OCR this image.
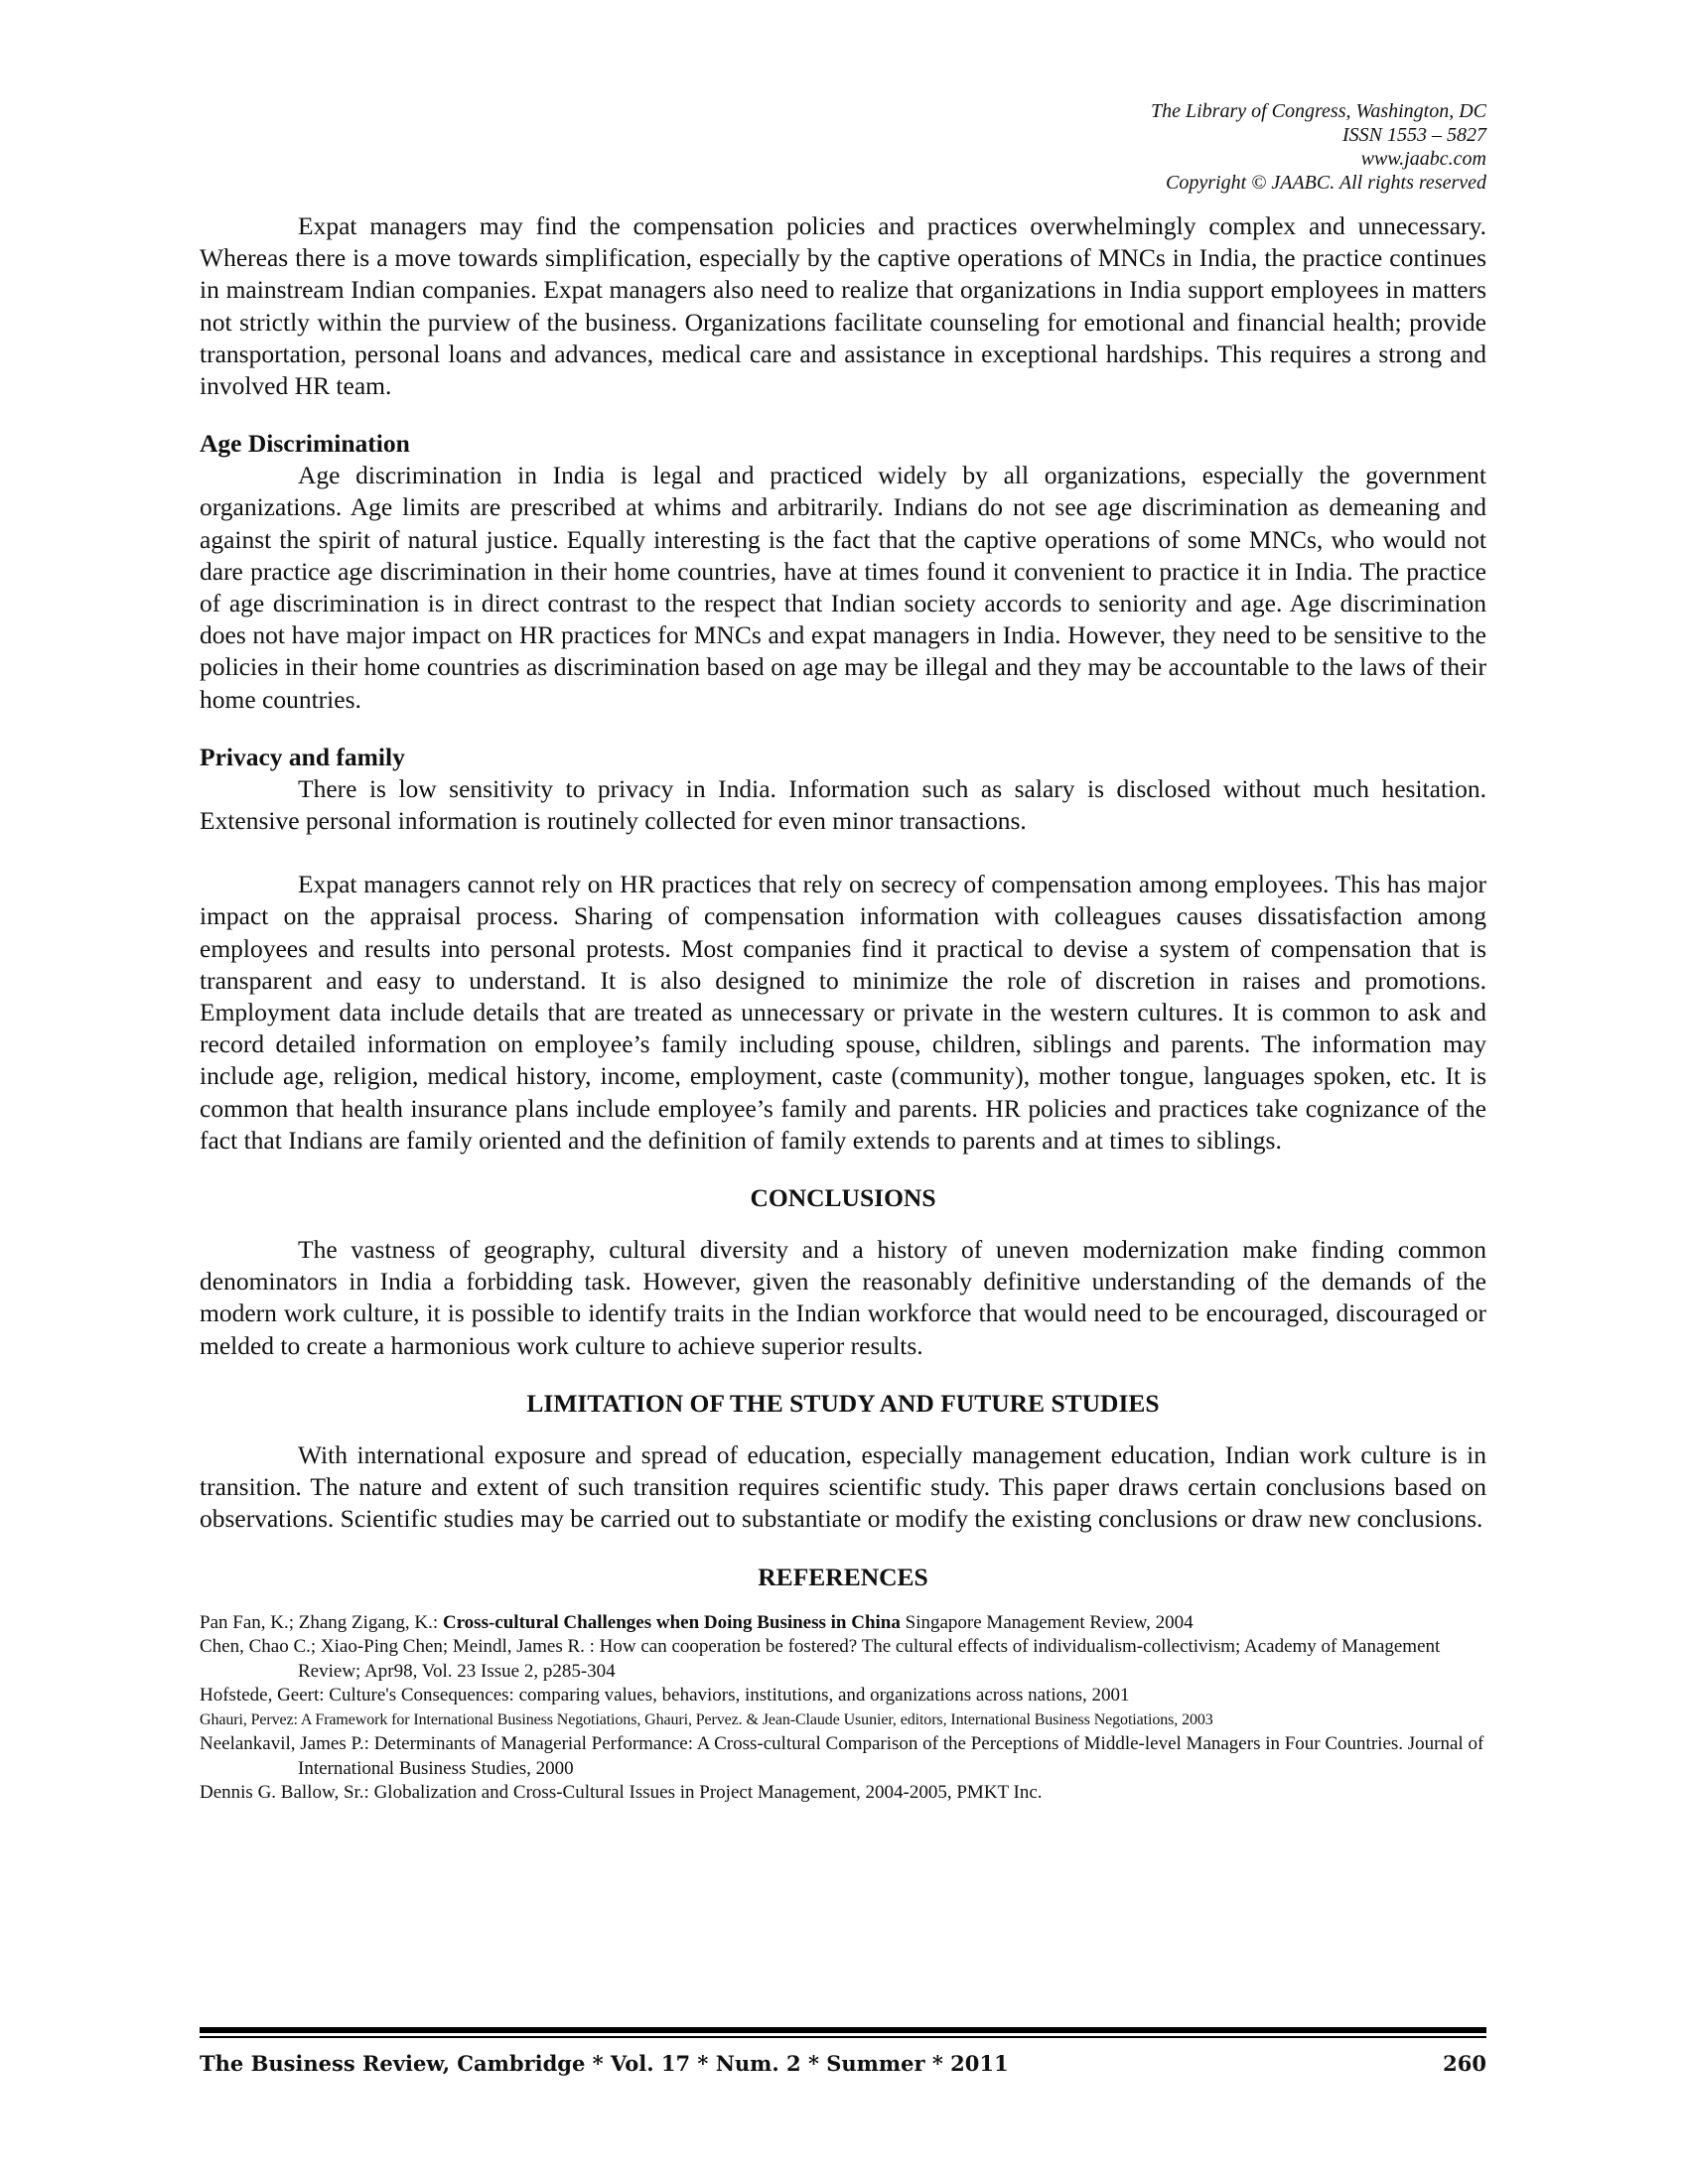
The Library of Congress, Washington, DC
ISSN 1553 – 5827
www.jaabc.com
Copyright © JAABC. All rights reserved

Expat managers may find the compensation policies and practices overwhelmingly complex and unnecessary. Whereas there is a move towards simplification, especially by the captive operations of MNCs in India, the practice continues in mainstream Indian companies. Expat managers also need to realize that organizations in India support employees in matters not strictly within the purview of the business. Organizations facilitate counseling for emotional and financial health; provide transportation, personal loans and advances, medical care and assistance in exceptional hardships. This requires a strong and involved HR team.

Age Discrimination

Age discrimination in India is legal and practiced widely by all organizations, especially the government organizations. Age limits are prescribed at whims and arbitrarily. Indians do not see age discrimination as demeaning and against the spirit of natural justice. Equally interesting is the fact that the captive operations of some MNCs, who would not dare practice age discrimination in their home countries, have at times found it convenient to practice it in India. The practice of age discrimination is in direct contrast to the respect that Indian society accords to seniority and age. Age discrimination does not have major impact on HR practices for MNCs and expat managers in India. However, they need to be sensitive to the policies in their home countries as discrimination based on age may be illegal and they may be accountable to the laws of their home countries.

Privacy and family

There is low sensitivity to privacy in India. Information such as salary is disclosed without much hesitation. Extensive personal information is routinely collected for even minor transactions.

Expat managers cannot rely on HR practices that rely on secrecy of compensation among employees. This has major impact on the appraisal process. Sharing of compensation information with colleagues causes dissatisfaction among employees and results into personal protests. Most companies find it practical to devise a system of compensation that is transparent and easy to understand. It is also designed to minimize the role of discretion in raises and promotions. Employment data include details that are treated as unnecessary or private in the western cultures. It is common to ask and record detailed information on employee’s family including spouse, children, siblings and parents. The information may include age, religion, medical history, income, employment, caste (community), mother tongue, languages spoken, etc. It is common that health insurance plans include employee’s family and parents. HR policies and practices take cognizance of the fact that Indians are family oriented and the definition of family extends to parents and at times to siblings.

CONCLUSIONS

The vastness of geography, cultural diversity and a history of uneven modernization make finding common denominators in India a forbidding task. However, given the reasonably definitive understanding of the demands of the modern work culture, it is possible to identify traits in the Indian workforce that would need to be encouraged, discouraged or melded to create a harmonious work culture to achieve superior results.

LIMITATION OF THE STUDY AND FUTURE STUDIES

With international exposure and spread of education, especially management education, Indian work culture is in transition. The nature and extent of such transition requires scientific study. This paper draws certain conclusions based on observations. Scientific studies may be carried out to substantiate or modify the existing conclusions or draw new conclusions.

REFERENCES
Pan Fan, K.; Zhang Zigang, K.: Cross-cultural Challenges when Doing Business in China Singapore Management Review, 2004
Chen, Chao C.; Xiao-Ping Chen; Meindl, James R. : How can cooperation be fostered? The cultural effects of individualism-collectivism; Academy of Management Review; Apr98, Vol. 23 Issue 2, p285-304
Hofstede, Geert: Culture's Consequences: comparing values, behaviors, institutions, and organizations across nations, 2001
Ghauri, Pervez: A Framework for International Business Negotiations, Ghauri, Pervez. & Jean-Claude Usunier, editors, International Business Negotiations, 2003
Neelankavil, James P.: Determinants of Managerial Performance: A Cross-cultural Comparison of the Perceptions of Middle-level Managers in Four Countries. Journal of International Business Studies, 2000
Dennis G. Ballow, Sr.: Globalization and Cross-Cultural Issues in Project Management, 2004-2005, PMKT Inc.
The Business Review, Cambridge * Vol. 17 * Num. 2 * Summer * 2011	260
